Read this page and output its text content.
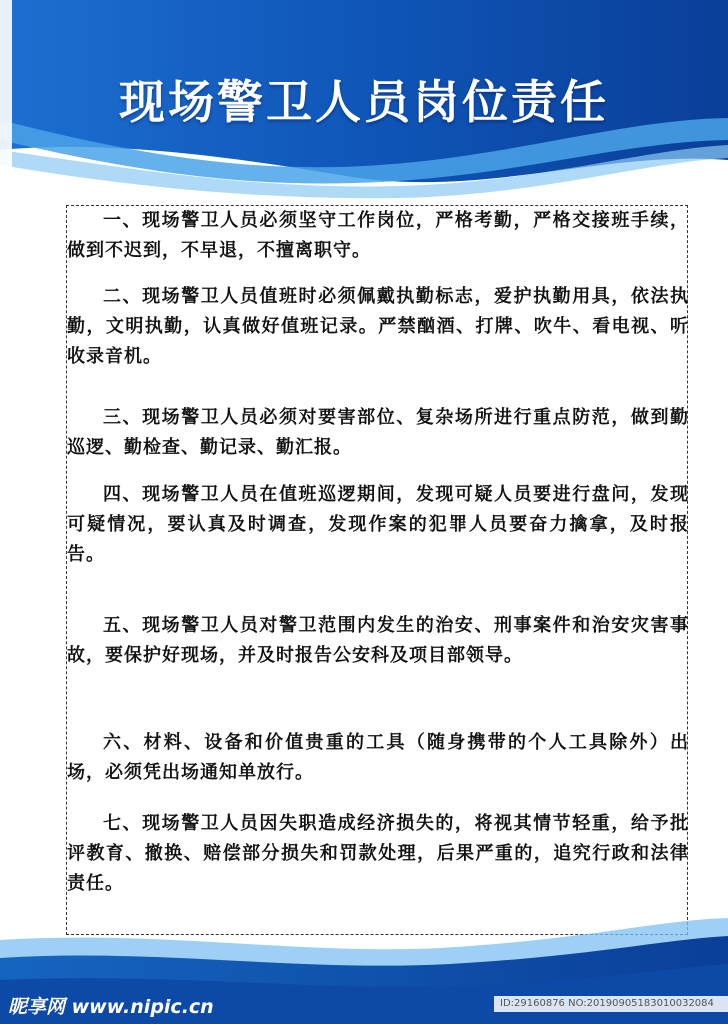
现场警卫人员岗位责任
一、现场警卫人员必须坚守工作岗位，严格考勤，严格交接班手续，做到不迟到，不早退，不擅离职守。
二、现场警卫人员值班时必须佩戴执勤标志，爱护执勤用具，依法执勤，文明执勤，认真做好值班记录。严禁酗酒、打牌、吹牛、看电视、听收录音机。
三、现场警卫人员必须对要害部位、复杂场所进行重点防范，做到勤巡逻、勤检查、勤记录、勤汇报。
四、现场警卫人员在值班巡逻期间，发现可疑人员要进行盘问，发现可疑情况，要认真及时调查，发现作案的犯罪人员要奋力擒拿，及时报告。
五、现场警卫人员对警卫范围内发生的治安、刑事案件和治安灾害事故，要保护好现场，并及时报告公安科及项目部领导。
六、材料、设备和价值贵重的工具（随身携带的个人工具除外）出场，必须凭出场通知单放行。
七、现场警卫人员因失职造成经济损失的，将视其情节轻重，给予批评教育、撤换、赔偿部分损失和罚款处理，后果严重的，追究行政和法律责任。
昵享网 www.nipic.cn	ID:29160876 NO:20190905183010032084
